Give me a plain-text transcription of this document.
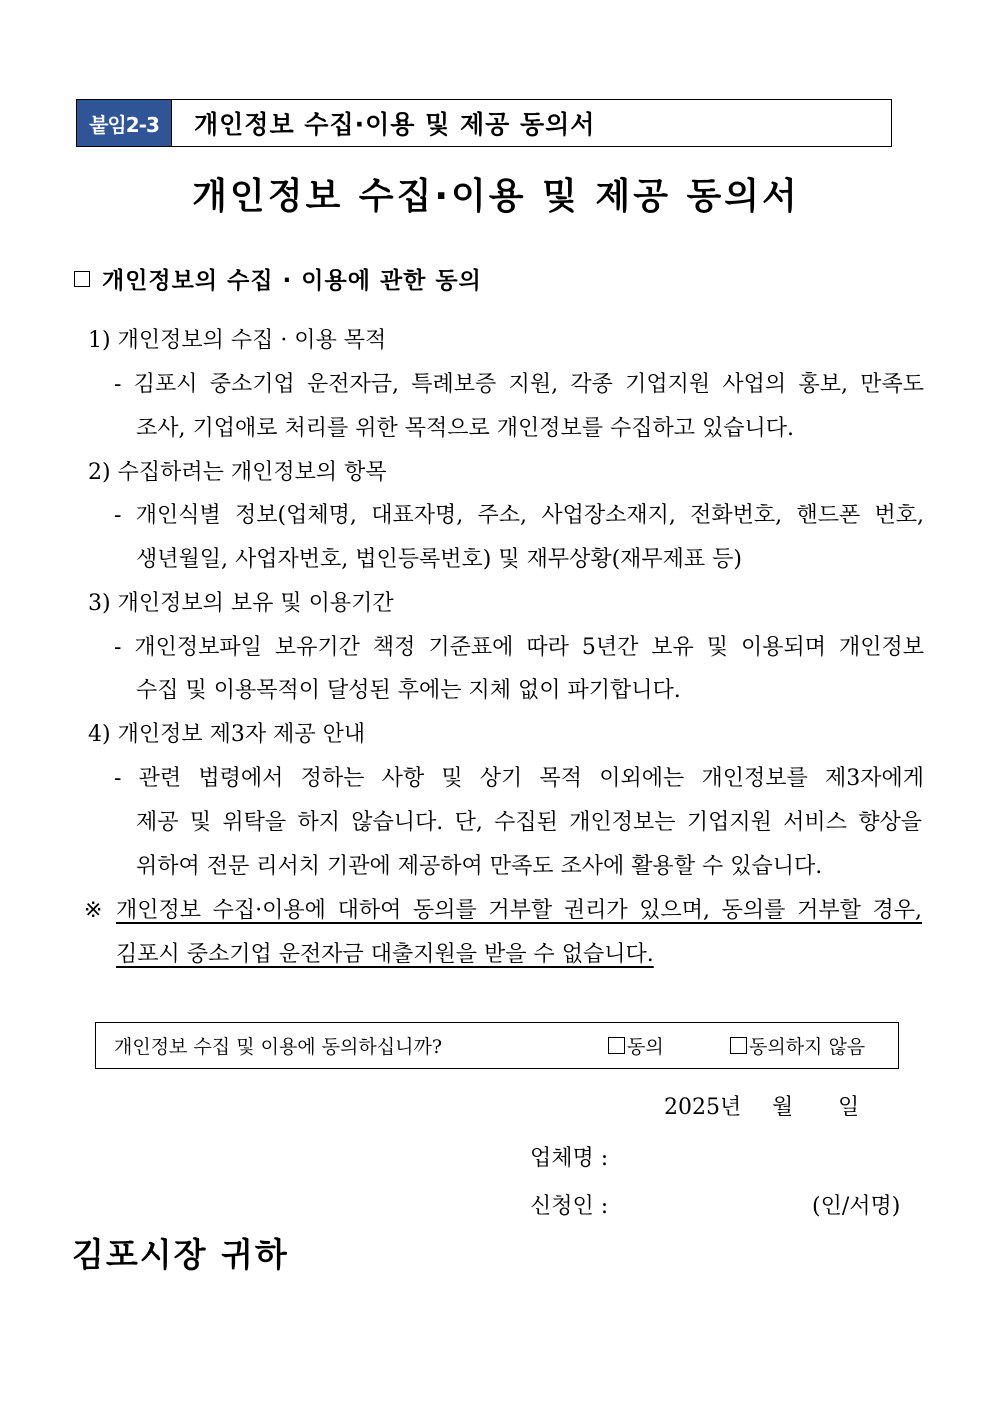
붙임2-3	개인정보 수집·이용 및 제공 동의서
개인정보 수집·이용 및 제공 동의서
개인정보의 수집 · 이용에 관한 동의
1) 개인정보의 수집 · 이용 목적
- 김포시 중소기업 운전자금, 특례보증 지원, 각종 기업지원 사업의 홍보, 만족도
조사, 기업애로 처리를 위한 목적으로 개인정보를 수집하고 있습니다.
2) 수집하려는 개인정보의 항목
- 개인식별 정보(업체명, 대표자명, 주소, 사업장소재지, 전화번호, 핸드폰 번호,
생년월일, 사업자번호, 법인등록번호) 및 재무상황(재무제표 등)
3) 개인정보의 보유 및 이용기간
- 개인정보파일 보유기간 책정 기준표에 따라 5년간 보유 및 이용되며 개인정보
수집 및 이용목적이 달성된 후에는 지체 없이 파기합니다.
4) 개인정보 제3자 제공 안내
- 관련 법령에서 정하는 사항 및 상기 목적 이외에는 개인정보를 제3자에게
제공 및 위탁을 하지 않습니다. 단, 수집된 개인정보는 기업지원 서비스 향상을
위하여 전문 리서치 기관에 제공하여 만족도 조사에 활용할 수 있습니다.
※ 개인정보 수집·이용에 대하여 동의를 거부할 권리가 있으며, 동의를 거부할 경우,
김포시 중소기업 운전자금 대출지원을 받을 수 없습니다.
개인정보 수집 및 이용에 동의하십니까?	동의	동의하지 않음
2025년 월 일
업체명 :
신청인 :	(인/서명)
김포시장 귀하
